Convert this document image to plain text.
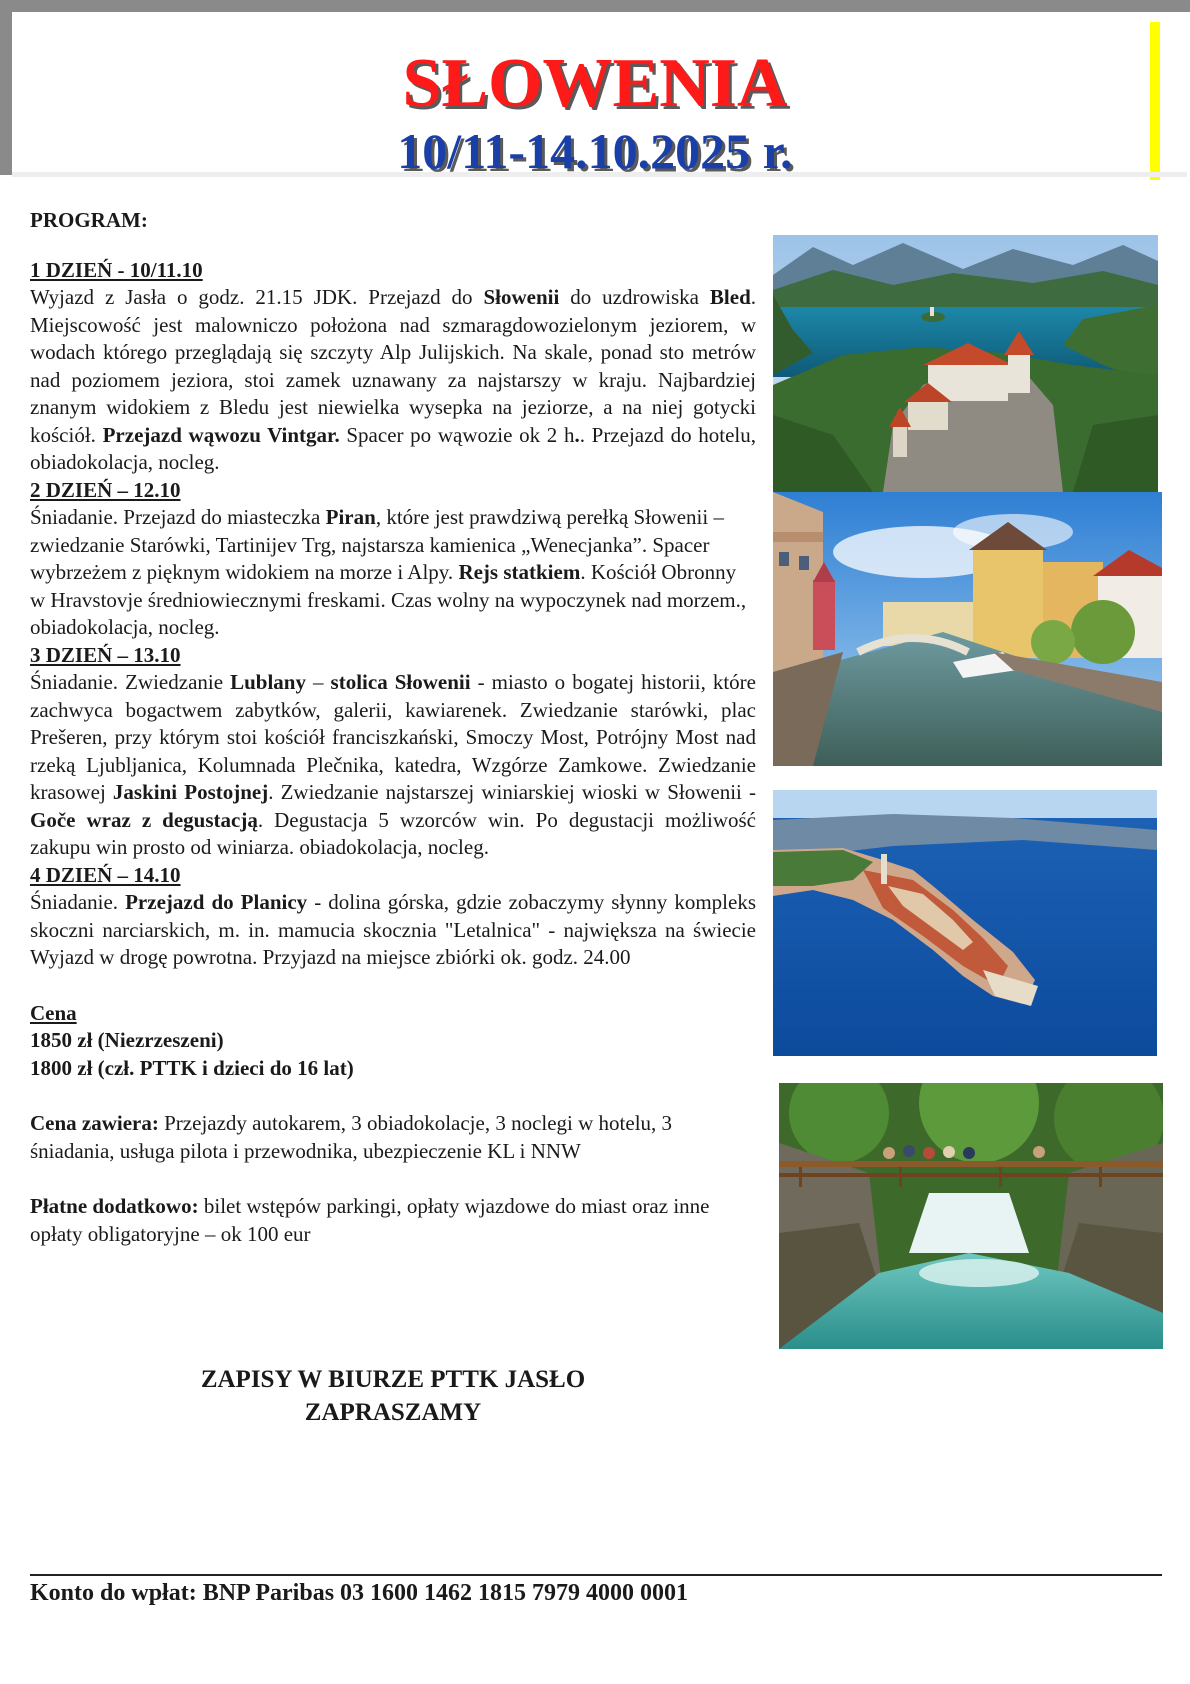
SŁOWENIA
10/11-14.10.2025 r.

PROGRAM:

1 DZIEŃ - 10/11.10

Wyjazd z Jasła o godz. 21.15 JDK. Przejazd do Słowenii do uzdrowiska Bled. Miejscowość jest malowniczo położona nad szmaragdowozielonym jeziorem, w wodach którego przeglądają się szczyty Alp Julijskich. Na skale, ponad sto metrów nad poziomem jeziora, stoi zamek uznawany za najstarszy w kraju. Najbardziej znanym widokiem z Bledu jest niewielka wysepka na jeziorze, a na niej gotycki kościół. Przejazd wąwozu Vintgar. Spacer po wąwozie ok 2 h.. Przejazd do hotelu, obiadokolacja, nocleg.

2 DZIEŃ – 12.10

Śniadanie. Przejazd do miasteczka Piran, które jest prawdziwą perełką Słowenii –zwiedzanie Starówki, Tartinijev Trg, najstarsza kamienica „Wenecjanka”. Spacer wybrzeżem z pięknym widokiem na morze i Alpy. Rejs statkiem. Kościół Obronny w Hravstovje średniowiecznymi freskami. Czas wolny na wypoczynek nad morzem., obiadokolacja, nocleg.

3 DZIEŃ – 13.10

Śniadanie. Zwiedzanie Lublany – stolica Słowenii - miasto o bogatej historii, które zachwyca bogactwem zabytków, galerii, kawiarenek. Zwiedzanie starówki, plac Prešeren, przy którym stoi kościół franciszkański, Smoczy Most, Potrójny Most nad rzeką Ljubljanica, Kolumnada Plečnika, katedra, Wzgórze Zamkowe. Zwiedzanie krasowej Jaskini Postojnej. Zwiedzanie najstarszej winiarskiej wioski w Słowenii - Goče wraz z degustacją. Degustacja 5 wzorców win. Po degustacji możliwość zakupu win prosto od winiarza. obiadokolacja, nocleg.

4 DZIEŃ – 14.10

Śniadanie. Przejazd do Planicy - dolina górska, gdzie zobaczymy słynny kompleks skoczni narciarskich, m. in. mamucia skocznia "Letalnica" - największa na świecie Wyjazd w drogę powrotna. Przyjazd na miejsce zbiórki ok. godz. 24.00

Cena

1850 zł (Niezrzeszeni)

1800 zł (czł. PTTK i dzieci do 16 lat)

Cena zawiera: Przejazdy autokarem, 3 obiadokolacje, 3 noclegi w hotelu, 3 śniadania, usługa pilota i przewodnika, ubezpieczenie KL i NNW

Płatne dodatkowo: bilet wstępów parkingi, opłaty wjazdowe do miast oraz inne opłaty obligatoryjne – ok 100 eur

ZAPISY W BIURZE PTTK JASŁO
ZAPRASZAMY
Konto do wpłat: BNP Paribas 03 1600 1462 1815 7979 4000 0001
